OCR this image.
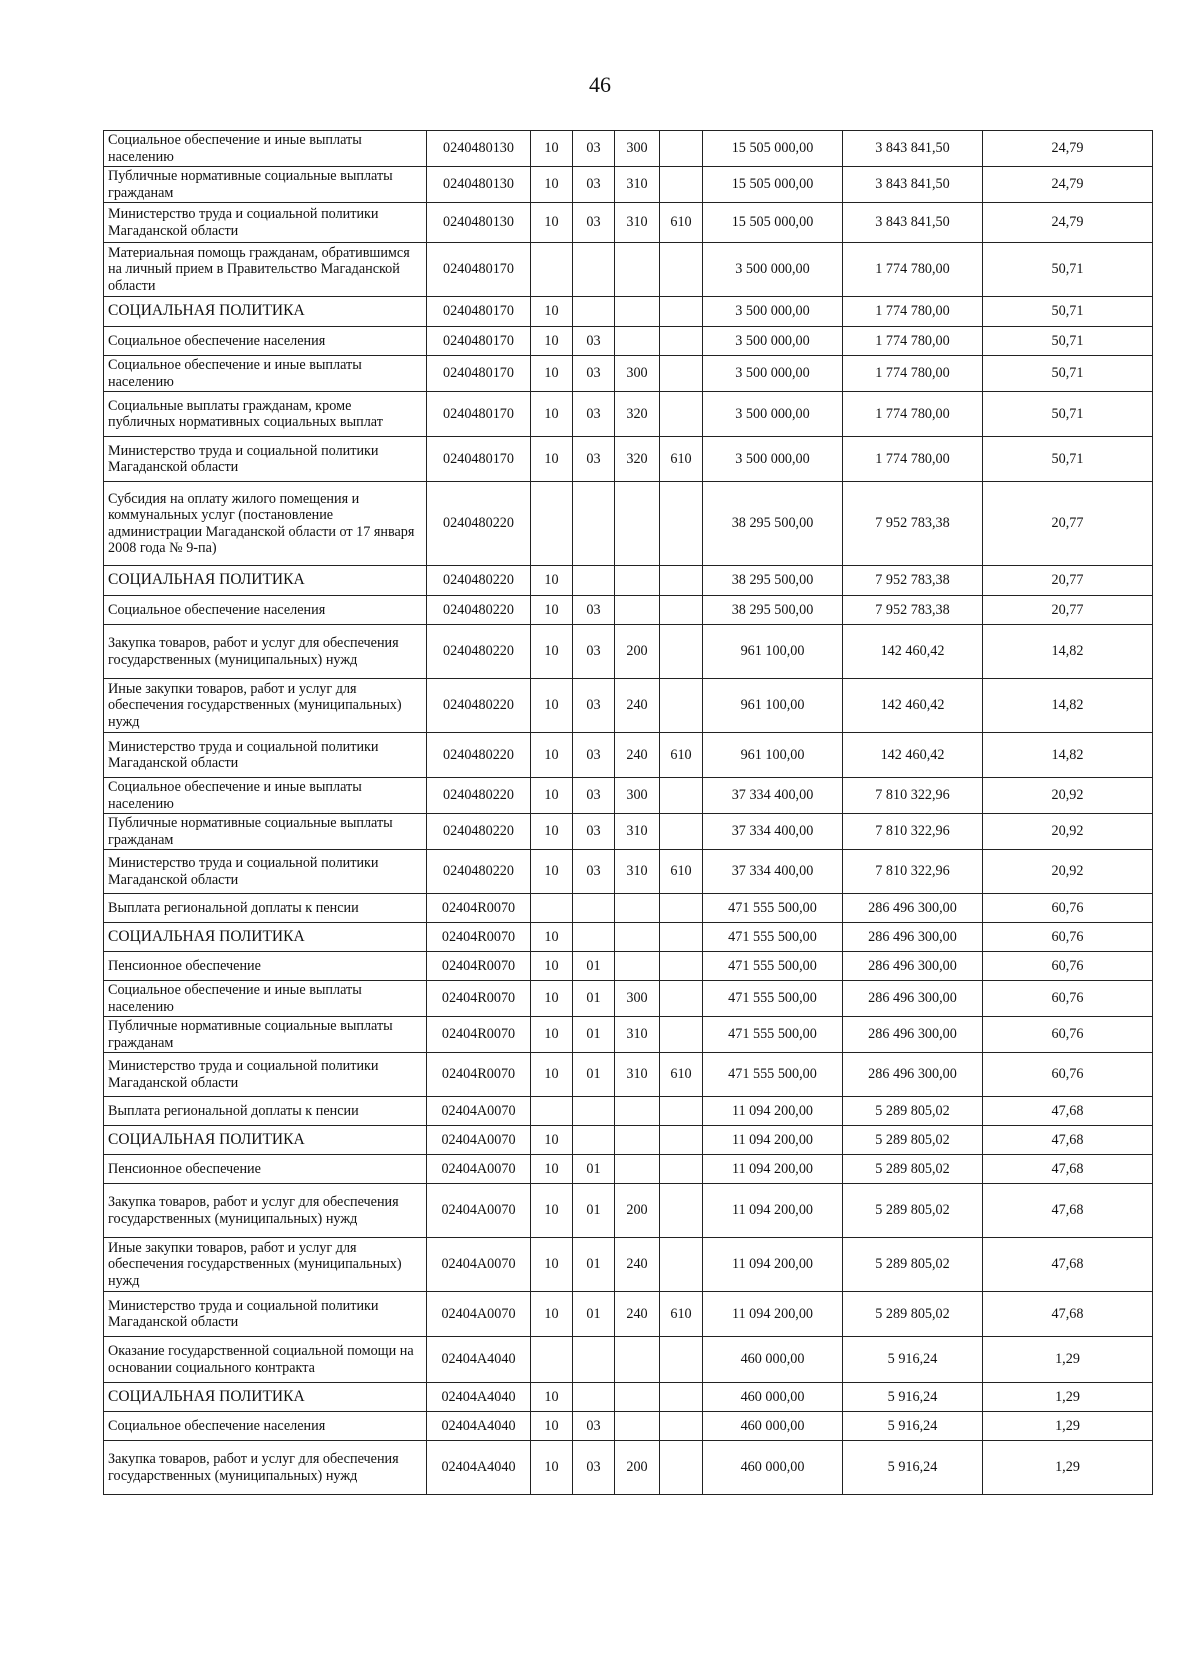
46
Социальное обеспечение и иные выплаты населению	0240480130	10	03	300		15 505 000,00	3 843 841,50	24,79
Публичные нормативные социальные выплаты гражданам	0240480130	10	03	310		15 505 000,00	3 843 841,50	24,79
Министерство труда и социальной политики Магаданской области	0240480130	10	03	310	610	15 505 000,00	3 843 841,50	24,79
Материальная помощь гражданам, обратившимся на личный прием в Правительство Магаданской области	0240480170					3 500 000,00	1 774 780,00	50,71
СОЦИАЛЬНАЯ ПОЛИТИКА	0240480170	10				3 500 000,00	1 774 780,00	50,71
Социальное обеспечение населения	0240480170	10	03			3 500 000,00	1 774 780,00	50,71
Социальное обеспечение и иные выплаты населению	0240480170	10	03	300		3 500 000,00	1 774 780,00	50,71
Социальные выплаты гражданам, кроме публичных нормативных социальных выплат	0240480170	10	03	320		3 500 000,00	1 774 780,00	50,71
Министерство труда и социальной политики Магаданской области	0240480170	10	03	320	610	3 500 000,00	1 774 780,00	50,71
Субсидия на оплату жилого помещения и коммунальных услуг (постановление администрации Магаданской области от 17 января 2008 года № 9-па)	0240480220					38 295 500,00	7 952 783,38	20,77
СОЦИАЛЬНАЯ ПОЛИТИКА	0240480220	10				38 295 500,00	7 952 783,38	20,77
Социальное обеспечение населения	0240480220	10	03			38 295 500,00	7 952 783,38	20,77
Закупка товаров, работ и услуг для обеспечения государственных (муниципальных) нужд	0240480220	10	03	200		961 100,00	142 460,42	14,82
Иные закупки товаров, работ и услуг для обеспечения государственных (муниципальных) нужд	0240480220	10	03	240		961 100,00	142 460,42	14,82
Министерство труда и социальной политики Магаданской области	0240480220	10	03	240	610	961 100,00	142 460,42	14,82
Социальное обеспечение и иные выплаты населению	0240480220	10	03	300		37 334 400,00	7 810 322,96	20,92
Публичные нормативные социальные выплаты гражданам	0240480220	10	03	310		37 334 400,00	7 810 322,96	20,92
Министерство труда и социальной политики Магаданской области	0240480220	10	03	310	610	37 334 400,00	7 810 322,96	20,92
Выплата региональной доплаты к пенсии	02404R0070					471 555 500,00	286 496 300,00	60,76
СОЦИАЛЬНАЯ ПОЛИТИКА	02404R0070	10				471 555 500,00	286 496 300,00	60,76
Пенсионное обеспечение	02404R0070	10	01			471 555 500,00	286 496 300,00	60,76
Социальное обеспечение и иные выплаты населению	02404R0070	10	01	300		471 555 500,00	286 496 300,00	60,76
Публичные нормативные социальные выплаты гражданам	02404R0070	10	01	310		471 555 500,00	286 496 300,00	60,76
Министерство труда и социальной политики Магаданской области	02404R0070	10	01	310	610	471 555 500,00	286 496 300,00	60,76
Выплата региональной доплаты к пенсии	02404A0070					11 094 200,00	5 289 805,02	47,68
СОЦИАЛЬНАЯ ПОЛИТИКА	02404A0070	10				11 094 200,00	5 289 805,02	47,68
Пенсионное обеспечение	02404A0070	10	01			11 094 200,00	5 289 805,02	47,68
Закупка товаров, работ и услуг для обеспечения государственных (муниципальных) нужд	02404A0070	10	01	200		11 094 200,00	5 289 805,02	47,68
Иные закупки товаров, работ и услуг для обеспечения государственных (муниципальных) нужд	02404A0070	10	01	240		11 094 200,00	5 289 805,02	47,68
Министерство труда и социальной политики Магаданской области	02404A0070	10	01	240	610	11 094 200,00	5 289 805,02	47,68
Оказание государственной социальной помощи на основании социального контракта	02404A4040					460 000,00	5 916,24	1,29
СОЦИАЛЬНАЯ ПОЛИТИКА	02404A4040	10				460 000,00	5 916,24	1,29
Социальное обеспечение населения	02404A4040	10	03			460 000,00	5 916,24	1,29
Закупка товаров, работ и услуг для обеспечения государственных (муниципальных) нужд	02404A4040	10	03	200		460 000,00	5 916,24	1,29
